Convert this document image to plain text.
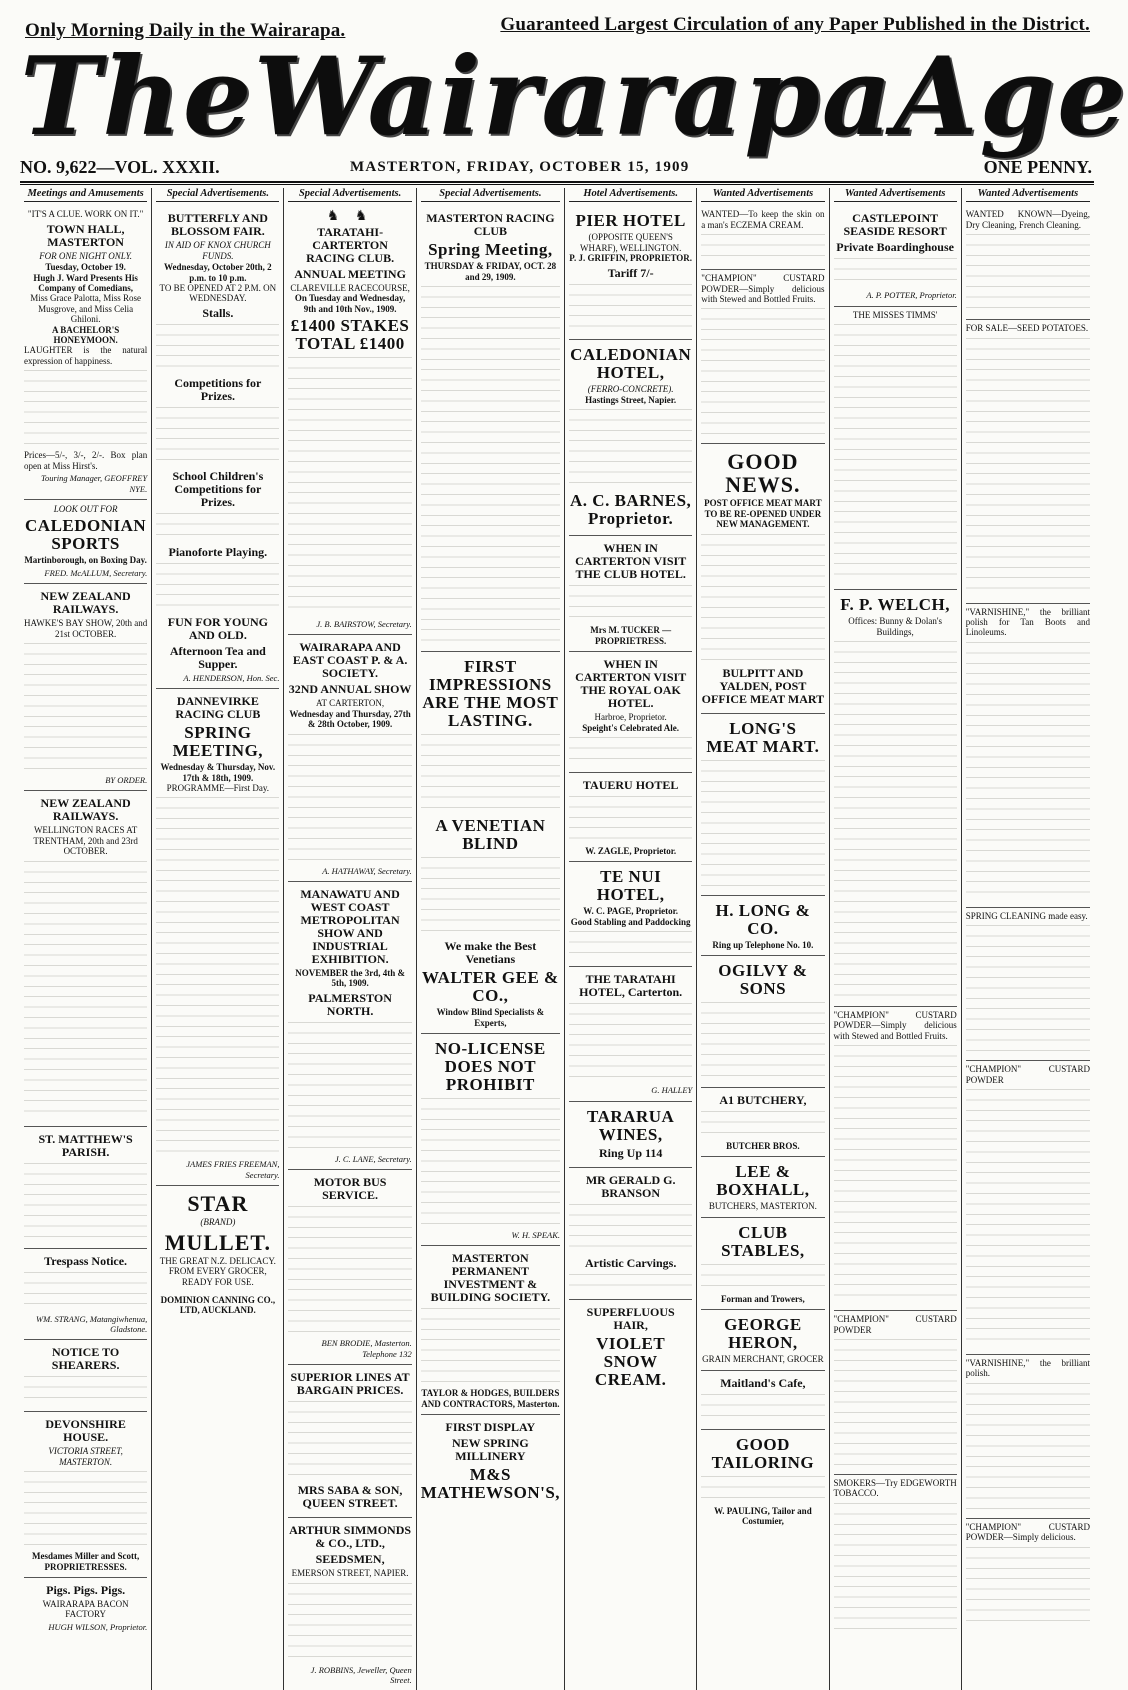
Only Morning Daily in the Wairarapa.	Guaranteed Largest Circulation of any Paper Published in the District.
The Wairarapa Age
NO. 9,622—VOL. XXXII.	MASTERTON, FRIDAY, OCTOBER 15, 1909	ONE PENNY.
Meetings and Amusements
"IT'S A CLUE. WORK ON IT."
TOWN HALL, MASTERTON
FOR ONE NIGHT ONLY.
Tuesday, October 19.
Hugh J. Ward Presents His Company of Comedians,
Miss Grace Palotta, Miss Rose Musgrove, and Miss Celia Ghiloni.
A BACHELOR'S HONEYMOON.
LAUGHTER is the natural expression of happiness.
Prices—5/-, 3/-, 2/-. Box plan open at Miss Hirst's.
Touring Manager, GEOFFREY NYE.
LOOK OUT FOR
CALEDONIAN SPORTS
Martinborough, on Boxing Day.
FRED. McALLUM, Secretary.
NEW ZEALAND RAILWAYS.
HAWKE'S BAY SHOW, 20th and 21st OCTOBER.
BY ORDER.
NEW ZEALAND RAILWAYS.
WELLINGTON RACES AT TRENTHAM, 20th and 23rd OCTOBER.
ST. MATTHEW'S PARISH.
Trespass Notice.
WM. STRANG, Matangiwhenua, Gladstone.
NOTICE TO SHEARERS.
DEVONSHIRE HOUSE.
VICTORIA STREET, MASTERTON.
Mesdames Miller and Scott, PROPRIETRESSES.
Pigs. Pigs. Pigs.
WAIRARAPA BACON FACTORY
HUGH WILSON, Proprietor.
Special Advertisements.
BUTTERFLY AND BLOSSOM FAIR.
IN AID OF KNOX CHURCH FUNDS.
Wednesday, October 20th, 2 p.m. to 10 p.m.
TO BE OPENED AT 2 P.M. ON WEDNESDAY.
Stalls.
Competitions for Prizes.
School Children's Competitions for Prizes.
Pianoforte Playing.
FUN FOR YOUNG AND OLD.
Afternoon Tea and Supper.
A. HENDERSON, Hon. Sec.
DANNEVIRKE RACING CLUB
SPRING MEETING,
Wednesday & Thursday, Nov. 17th & 18th, 1909.
PROGRAMME—First Day.
JAMES FRIES FREEMAN, Secretary.
STAR
(BRAND)
MULLET.
THE GREAT N.Z. DELICACY.
FROM EVERY GROCER, READY FOR USE.
DOMINION CANNING CO., LTD, AUCKLAND.
Special Advertisements.
♞ ♞
TARATAHI-CARTERTON RACING CLUB.
ANNUAL MEETING
CLAREVILLE RACECOURSE,
On Tuesday and Wednesday, 9th and 10th Nov., 1909.
£1400 STAKES TOTAL £1400
J. B. BAIRSTOW, Secretary.
WAIRARAPA AND EAST COAST P. & A. SOCIETY.
32ND ANNUAL SHOW
AT CARTERTON,
Wednesday and Thursday, 27th & 28th October, 1909.
A. HATHAWAY, Secretary.
MANAWATU AND WEST COAST METROPOLITAN SHOW AND INDUSTRIAL EXHIBITION.
NOVEMBER the 3rd, 4th & 5th, 1909.
PALMERSTON NORTH.
J. C. LANE, Secretary.
MOTOR BUS SERVICE.
BEN BRODIE, Masterton. Telephone 132
SUPERIOR LINES AT BARGAIN PRICES.
MRS SABA & SON, QUEEN STREET.
ARTHUR SIMMONDS & CO., LTD.,
SEEDSMEN,
EMERSON STREET, NAPIER.
J. ROBBINS, Jeweller, Queen Street.
Special Advertisements.
MASTERTON RACING CLUB
Spring Meeting,
THURSDAY & FRIDAY, OCT. 28 and 29, 1909.
FIRST IMPRESSIONS ARE THE MOST LASTING.
A VENETIAN BLIND
We make the Best Venetians
WALTER GEE & CO.,
Window Blind Specialists & Experts,
NO-LICENSE DOES NOT PROHIBIT
W. H. SPEAK.
MASTERTON PERMANENT INVESTMENT & BUILDING SOCIETY.
TAYLOR & HODGES, BUILDERS AND CONTRACTORS, Masterton.
FIRST DISPLAY
NEW SPRING MILLINERY
M&S MATHEWSON'S,
Hotel Advertisements.
PIER HOTEL
(OPPOSITE QUEEN'S WHARF), WELLINGTON.
P. J. GRIFFIN, PROPRIETOR.
Tariff 7/-
CALEDONIAN HOTEL,
(FERRO-CONCRETE).
Hastings Street, Napier.
A. C. BARNES, Proprietor.
WHEN IN CARTERTON VISIT THE CLUB HOTEL.
Mrs M. TUCKER — PROPRIETRESS.
WHEN IN CARTERTON VISIT THE ROYAL OAK HOTEL.
Harbroe, Proprietor.
Speight's Celebrated Ale.
TAUERU HOTEL
W. ZAGLE, Proprietor.
TE NUI HOTEL,
W. C. PAGE, Proprietor.
Good Stabling and Paddocking
THE TARATAHI HOTEL, Carterton.
G. HALLEY
TARARUA WINES,
Ring Up 114
MR GERALD G. BRANSON
Artistic Carvings.
SUPERFLUOUS HAIR,
VIOLET SNOW CREAM.
Wanted Advertisements
WANTED—To keep the skin on a man's ECZEMA CREAM.
"CHAMPION" CUSTARD POWDER—Simply delicious with Stewed and Bottled Fruits.
GOOD NEWS.
POST OFFICE MEAT MART TO BE RE-OPENED UNDER NEW MANAGEMENT.
BULPITT AND YALDEN, POST OFFICE MEAT MART
LONG'S MEAT MART.
H. LONG & CO.
Ring up Telephone No. 10.
OGILVY & SONS
A1 BUTCHERY,
BUTCHER BROS.
LEE & BOXHALL,
BUTCHERS, MASTERTON.
CLUB STABLES,
Forman and Trowers,
GEORGE HERON,
GRAIN MERCHANT, GROCER
Maitland's Cafe,
GOOD TAILORING
W. PAULING, Tailor and Costumier,
Wanted Advertisements
CASTLEPOINT SEASIDE RESORT
Private Boardinghouse
A. P. POTTER, Proprietor.
THE MISSES TIMMS'
F. P. WELCH,
Offices: Bunny & Dolan's Buildings,
"CHAMPION" CUSTARD POWDER—Simply delicious with Stewed and Bottled Fruits.
"CHAMPION" CUSTARD POWDER
SMOKERS—Try EDGEWORTH TOBACCO.
Wanted Advertisements
WANTED KNOWN—Dyeing, Dry Cleaning, French Cleaning.
FOR SALE—SEED POTATOES.
"VARNISHINE," the brilliant polish for Tan Boots and Linoleums.
SPRING CLEANING made easy.
"CHAMPION" CUSTARD POWDER
"VARNISHINE," the brilliant polish.
"CHAMPION" CUSTARD POWDER—Simply delicious.
